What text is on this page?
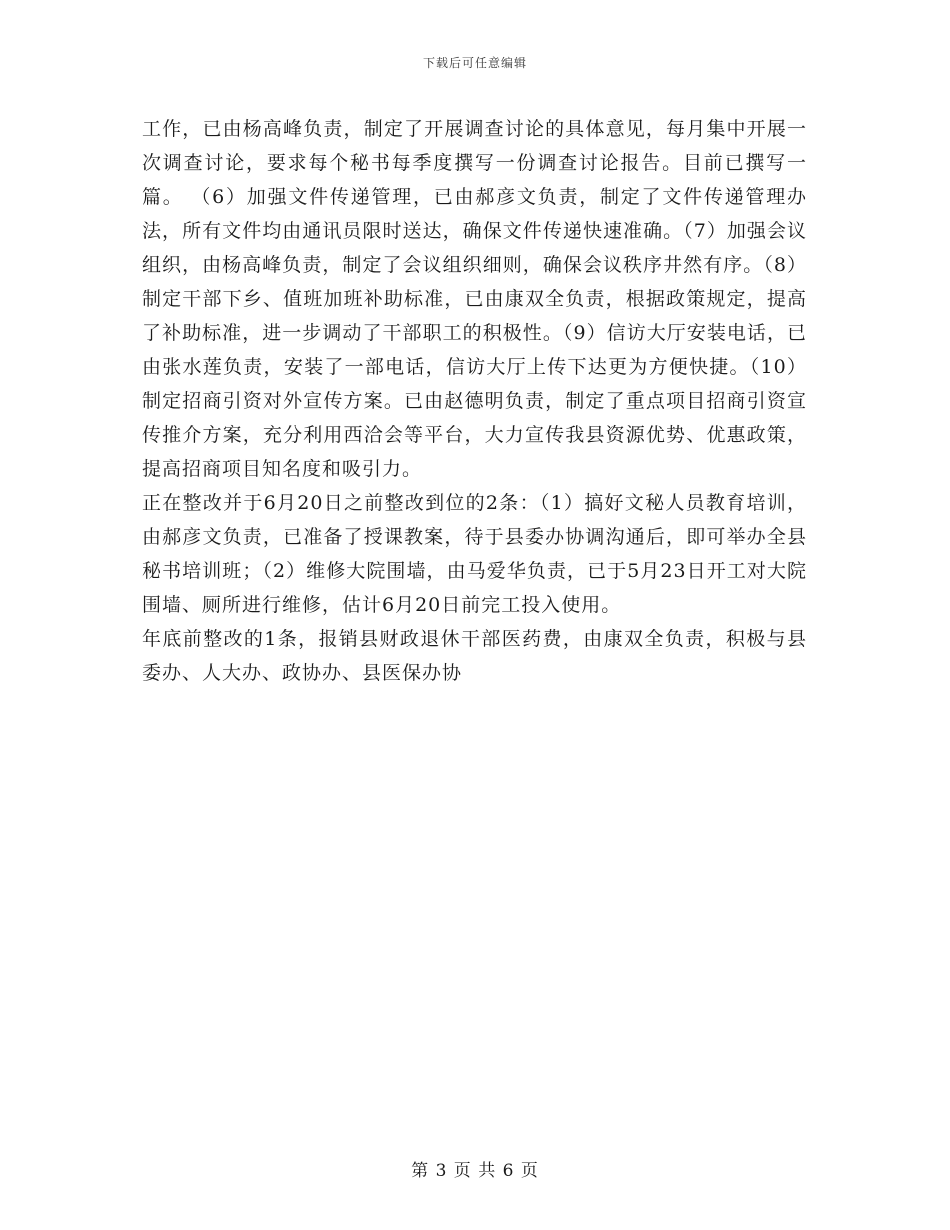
下载后可任意编辑

工作，已由杨高峰负责，制定了开展调查讨论的具体意见，每月集中开展一次调查讨论，要求每个秘书每季度撰写一份调查讨论报告。目前已撰写一篇。 （6）加强文件传递管理，已由郝彦文负责，制定了文件传递管理办法，所有文件均由通讯员限时送达，确保文件传递快速准确。（7）加强会议组织，由杨高峰负责，制定了会议组织细则，确保会议秩序井然有序。（8）制定干部下乡、值班加班补助标准，已由康双全负责，根据政策规定，提高了补助标准，进一步调动了干部职工的积极性。（9）信访大厅安装电话，已由张水莲负责，安装了一部电话，信访大厅上传下达更为方便快捷。（10）制定招商引资对外宣传方案。已由赵德明负责，制定了重点项目招商引资宣传推介方案，充分利用西洽会等平台，大力宣传我县资源优势、优惠政策，提高招商项目知名度和吸引力。

正在整改并于6月20日之前整改到位的2条：（1）搞好文秘人员教育培训，由郝彦文负责，已准备了授课教案，待于县委办协调沟通后，即可举办全县秘书培训班；（2）维修大院围墙，由马爱华负责，已于5月23日开工对大院围墙、厕所进行维修，估计6月20日前完工投入使用。

年底前整改的1条，报销县财政退休干部医药费，由康双全负责，积极与县委办、人大办、政协办、县医保办协

第 3 页 共 6 页
